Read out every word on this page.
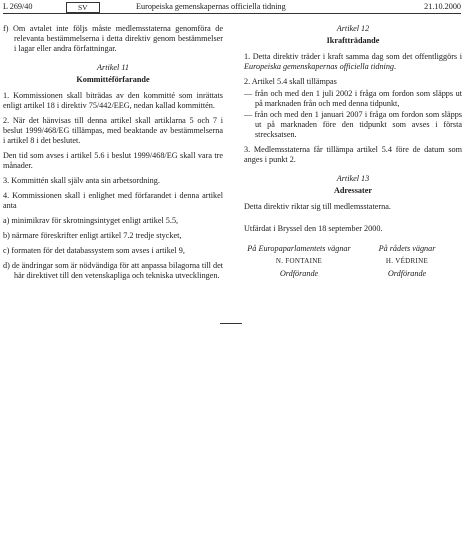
L 269/40	SV	Europeiska gemenskapernas officiella tidning	21.10.2000

f) Om avtalet inte följs måste medlemsstaterna genomföra de relevanta bestämmelserna i detta direktiv genom bestämmelser i lagar eller andra författningar.

Artikel 11
Kommittéförfarande

1. Kommissionen skall biträdas av den kommitté som inrättats enligt artikel 18 i direktiv 75/442/EEG, nedan kallad kommittén.

2. När det hänvisas till denna artikel skall artiklarna 5 och 7 i beslut 1999/468/EG tillämpas, med beaktande av bestämmelserna i artikel 8 i det beslutet.

Den tid som avses i artikel 5.6 i beslut 1999/468/EG skall vara tre månader.

3. Kommittén skall själv anta sin arbetsordning.

4. Kommissionen skall i enlighet med förfarandet i denna artikel anta

a) minimikrav för skrotningsintyget enligt artikel 5.5,

b) närmare föreskrifter enligt artikel 7.2 tredje stycket,

c) formaten för det databassystem som avses i artikel 9,

d) de ändringar som är nödvändiga för att anpassa bilagorna till det här direktivet till den vetenskapliga och tekniska utvecklingen.

Artikel 12
Ikraftträdande

1. Detta direktiv träder i kraft samma dag som det offentliggörs i Europeiska gemenskapernas officiella tidning.

2. Artikel 5.4 skall tillämpas

— från och med den 1 juli 2002 i fråga om fordon som släpps ut på marknaden från och med denna tidpunkt,

— från och med den 1 januari 2007 i fråga om fordon som släpps ut på marknaden före den tidpunkt som avses i första strecksatsen.

3. Medlemsstaterna får tillämpa artikel 5.4 före de datum som anges i punkt 2.

Artikel 13
Adressater

Detta direktiv riktar sig till medlemsstaterna.

Utfärdat i Bryssel den 18 september 2000.

På Europaparlamentets vägnar
N. FONTAINE
Ordförande
På rådets vägnar
H. VÉDRINE
Ordförande
